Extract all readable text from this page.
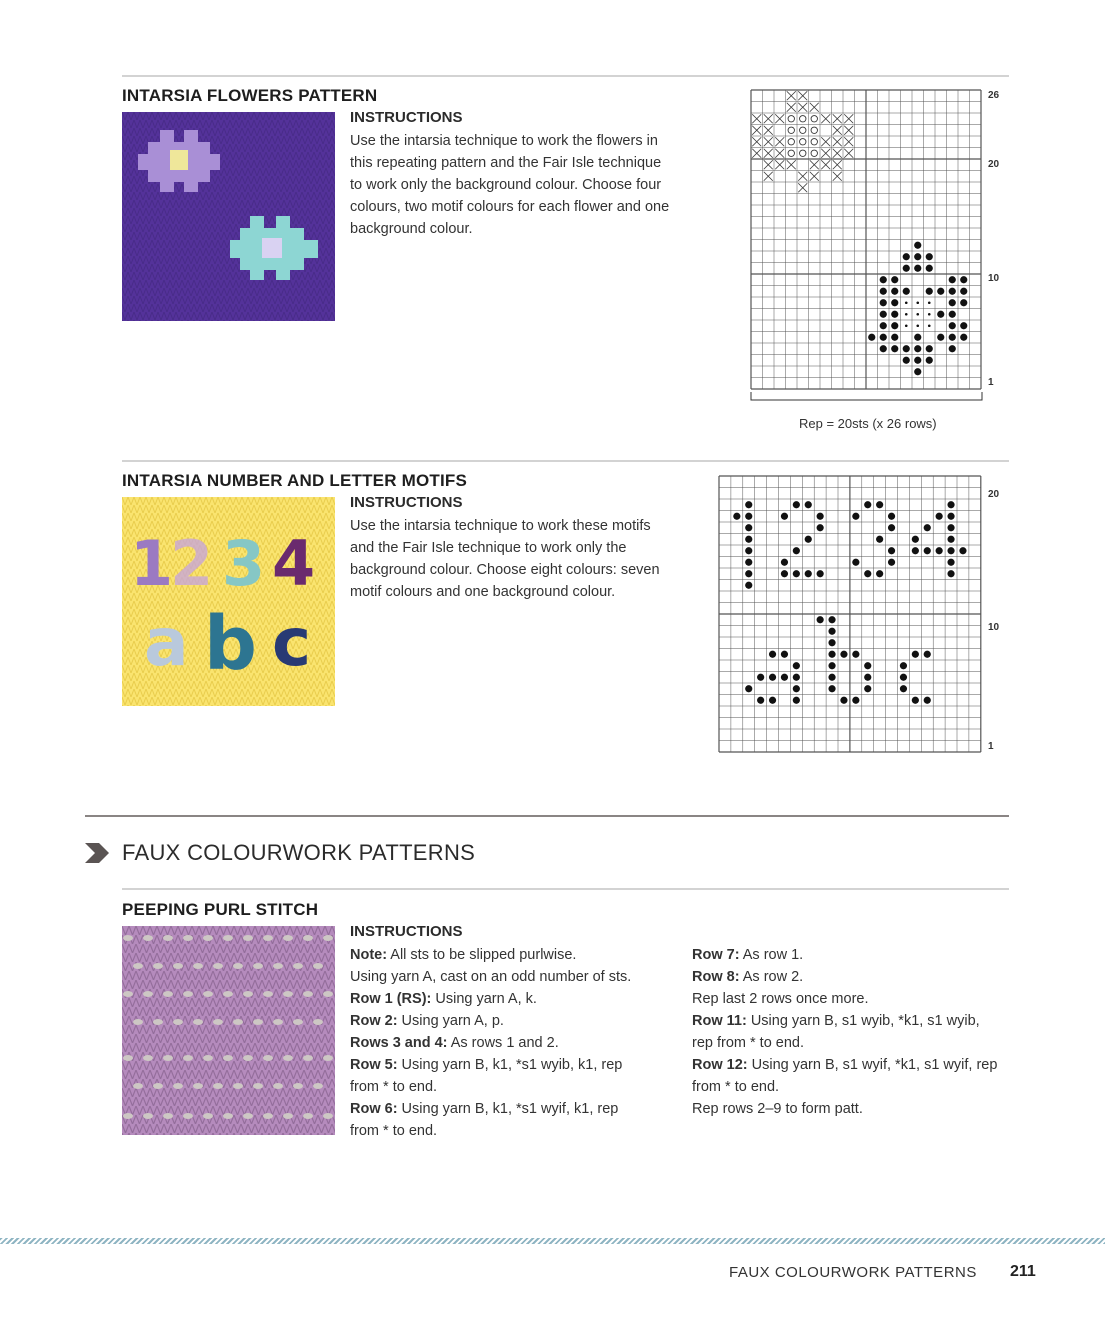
INTARSIA FLOWERS PATTERN
INSTRUCTIONS
Use the intarsia technique to work the flowers in this repeating pattern and the Fair Isle technique to work only the background colour. Choose four colours, two motif colours for each flower and one background colour.
26
20
10
1
Rep = 20sts (x 26 rows)
INTARSIA NUMBER AND LETTER MOTIFS
1
2 3 4
a b c
INSTRUCTIONS
Use the intarsia technique to work these motifs and the Fair Isle technique to work only the background colour. Choose eight colours: seven motif colours and one background colour.
20
10
1
FAUX COLOURWORK PATTERNS
PEEPING PURL STITCH
INSTRUCTIONS

Note: All sts to be slipped purlwise.

Using yarn A, cast on an odd number of sts.

Row 1 (RS): Using yarn A, k.

Row 2: Using yarn A, p.

Rows 3 and 4: As rows 1 and 2.

Row 5: Using yarn B, k1, *s1 wyib, k1, rep from * to end.

Row 6: Using yarn B, k1, *s1 wyif, k1, rep from * to end.

Row 7: As row 1.

Row 8: As row 2.

Rep last 2 rows once more.

Row 11: Using yarn B, s1 wyib, *k1, s1 wyib, rep from * to end.

Row 12: Using yarn B, s1 wyif, *k1, s1 wyif, rep from * to end.

Rep rows 2–9 to form patt.

FAUX COLOURWORK PATTERNS 211
